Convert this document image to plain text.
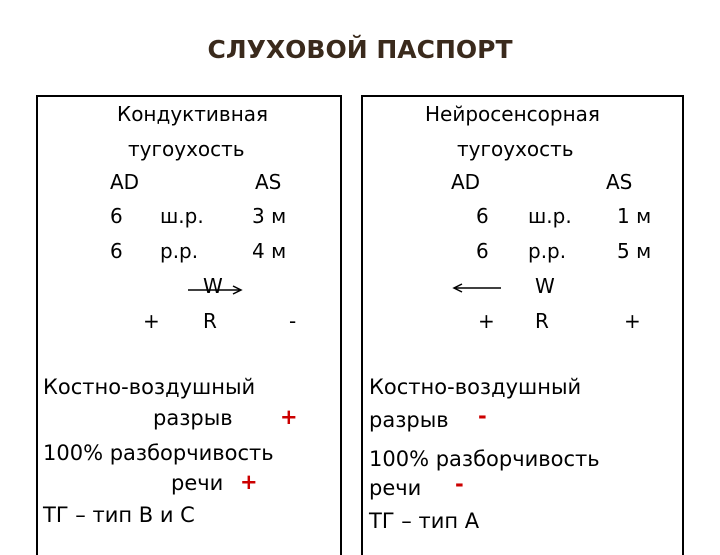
СЛУХОВОЙ ПАСПОРТ
Кондуктивная
тугоухость
AD	AS
6 ш.р. 3 м
6 р.р.	4 м
W
+ R	-
Костно-воздушный
разрыв +
100% разборчивость
речи +
ТГ – тип В и С
Нейросенсорная
тугоухость
AD	AS
6 ш.р. 1 м
6 р.р.	5 м
W
+ R	+
Костно-воздушный
разрыв -
100% разборчивость
речи -
ТГ – тип А
